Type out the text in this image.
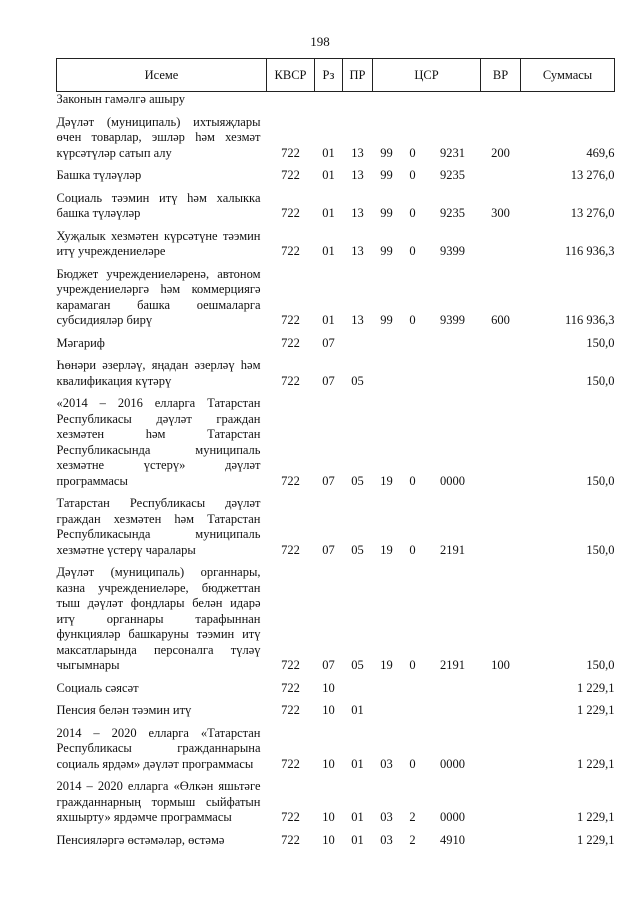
198
Исеме	КВСР	Рз	ПР	ЦСР			ВР	Суммасы
Законын гамәлгә ашыру								

Дәүләт (муниципаль) ихтыяҗлары өчен товарлар, эшләр һәм хезмәт күрсәтүләр сатып алу	722	01	13	99	0	9231	200	469,6

Башка түләүләр	722	01	13	99	0	9235		13 276,0

Социаль тәэмин итү һәм халыкка башка түләүләр	722	01	13	99	0	9235	300	13 276,0

Хуҗалык хезмәтен күрсәтүне тәэмин итү учреждениеләре	722	01	13	99	0	9399		116 936,3

Бюджет учреждениеләренә, автоном учреждениеләргә һәм коммерциягә карамаган башка оешмаларга субсидияләр бирү	722	01	13	99	0	9399	600	116 936,3

Мәгариф	722	07						150,0

Һөнәри әзерләү, яңадан әзерләү һәм квалификация күтәрү	722	07	05					150,0

«2014 – 2016 елларга Татарстан Республикасы дәүләт граждан хезмәтен һәм Татарстан Республикасында муниципаль хезмәтне үстерү» дәүләт программасы	722	07	05	19	0	0000		150,0

Татарстан Республикасы дәүләт граждан хезмәтен һәм Татарстан Республикасында муниципаль хезмәтне үстерү чаралары	722	07	05	19	0	2191		150,0

Дәүләт (муниципаль) органнары, казна учреждениеләре, бюджеттан тыш дәүләт фондлары белән идарә итү органнары тарафыннан функцияләр башкаруны тәэмин итү максатларында персоналга түләү чыгымнары	722	07	05	19	0	2191	100	150,0

Социаль сәясәт	722	10						1 229,1

Пенсия белән тәэмин итү	722	10	01					1 229,1

2014 – 2020 елларга «Татарстан Республикасы гражданнарына социаль ярдәм» дәүләт программасы	722	10	01	03	0	0000		1 229,1

2014 – 2020 елларга «Өлкән яшьтәге гражданнарның тормыш сыйфатын яхшырту» ярдәмче программасы	722	10	01	03	2	0000		1 229,1

Пенсияләргә өстәмәләр, өстәмә	722	10	01	03	2	4910		1 229,1
